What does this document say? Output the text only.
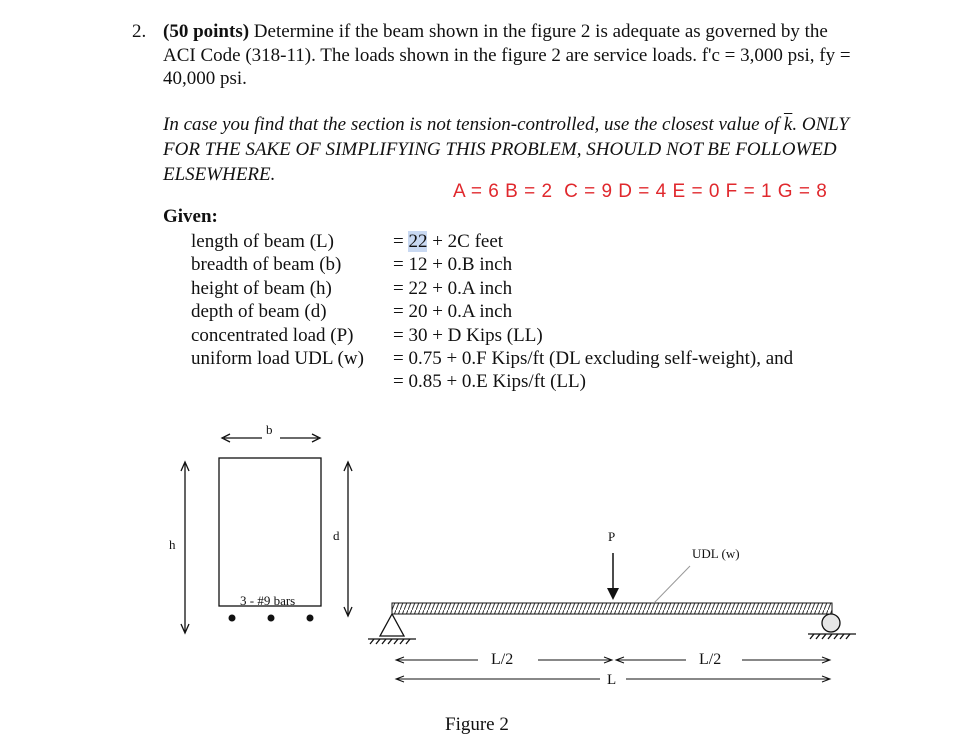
2. (50 points) Determine if the beam shown in the figure 2 is adequate as governed by the ACI Code (318-11). The loads shown in the figure 2 are service loads. f'c = 3,000 psi, fy = 40,000 psi.
In case you find that the section is not tension-controlled, use the closest value of $\overline{k}$. ONLY FOR THE SAKE OF SIMPLIFYING THIS PROBLEM, SHOULD NOT BE FOLLOWED ELSEWHERE.
A = 6 B = 2  C = 9 D = 4 E = 0 F = 1 G = 8
Given:
length of beam (L)	= 22 + 2C feet
breadth of beam (b)	= 12 + 0.B inch
height of beam (h)	= 22 + 0.A inch
depth of beam (d)	= 20 + 0.A inch
concentrated load (P) = 30 + D Kips (LL)
uniform load UDL (w) = 0.75 + 0.F Kips/ft (DL excluding self-weight), and
= 0.85 + 0.E Kips/ft (LL)
b
h
d
3 - #9 bars
P
UDL (w)
L/2	L/2
L
Figure 2
